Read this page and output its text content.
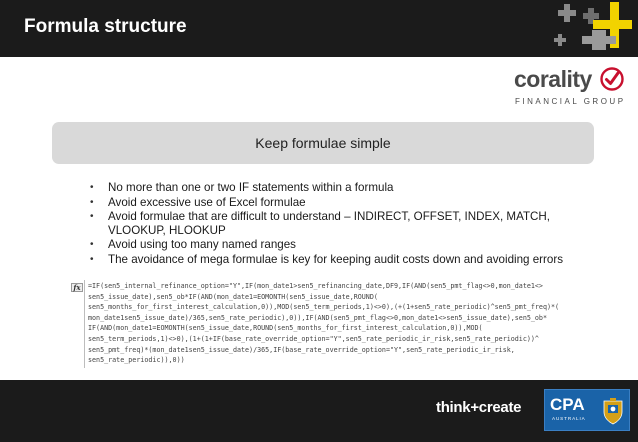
Formula structure
corality
FINANCIAL GROUP
Keep formulae simple
• No more than one or two IF statements within a formula
• Avoid excessive use of Excel formulae
• Avoid formulae that are difficult to understand – INDIRECT, OFFSET, INDEX, MATCH, VLOOKUP, HLOOKUP
• Avoid using too many named ranges
• The avoidance of mega formulae is key for keeping audit costs down and avoiding errors
fx	=IF(sen5_internal_refinance_option="Y",IF(mon_date1>sen5_refinancing_date,DF9,IF(AND(sen5_pmt_flag<>0,mon_date1<>
sen5_issue_date),sen5_ob*IF(AND(mon_date1=EOMONTH(sen5_issue_date,ROUND(
sen5_months_for_first_interest_calculation,0)),MOD(sen5_term_periods,1)<>0),(+(1+sen5_rate_periodic)^sen5_pmt_freq)*(
mon_date1sen5_issue_date)/365,sen5_rate_periodic),0)),IF(AND(sen5_pmt_flag<>0,mon_date1<>sen5_issue_date),sen5_ob*
IF(AND(mon_date1=EOMONTH(sen5_issue_date,ROUND(sen5_months_for_first_interest_calculation,0)),MOD(
sen5_term_periods,1)<>0),(1+(1+IF(base_rate_override_option="Y",sen5_rate_periodic_ir_risk,sen5_rate_periodic))^
sen5_pmt_freq)*(mon_date1sen5_issue_date)/365,IF(base_rate_override_option="Y",sen5_rate_periodic_ir_risk,
sen5_rate_periodic)),0))
think+create CPA
AUSTRALIA
